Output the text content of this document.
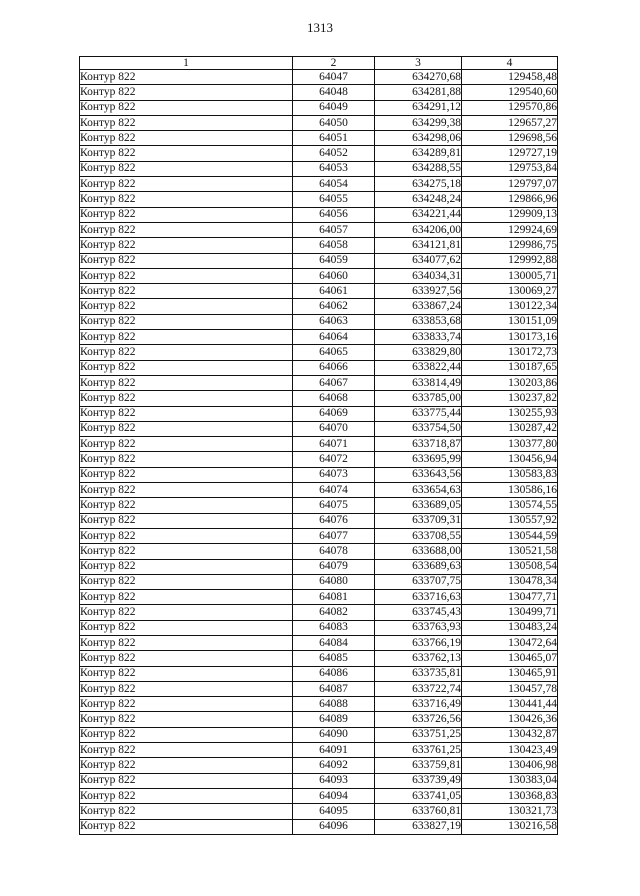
1313
1	2	3	4
Контур 822	64047	634270,68	129458,48
Контур 822	64048	634281,88	129540,60
Контур 822	64049	634291,12	129570,86
Контур 822	64050	634299,38	129657,27
Контур 822	64051	634298,06	129698,56
Контур 822	64052	634289,81	129727,19
Контур 822	64053	634288,55	129753,84
Контур 822	64054	634275,18	129797,07
Контур 822	64055	634248,24	129866,96
Контур 822	64056	634221,44	129909,13
Контур 822	64057	634206,00	129924,69
Контур 822	64058	634121,81	129986,75
Контур 822	64059	634077,62	129992,88
Контур 822	64060	634034,31	130005,71
Контур 822	64061	633927,56	130069,27
Контур 822	64062	633867,24	130122,34
Контур 822	64063	633853,68	130151,09
Контур 822	64064	633833,74	130173,16
Контур 822	64065	633829,80	130172,73
Контур 822	64066	633822,44	130187,65
Контур 822	64067	633814,49	130203,86
Контур 822	64068	633785,00	130237,82
Контур 822	64069	633775,44	130255,93
Контур 822	64070	633754,50	130287,42
Контур 822	64071	633718,87	130377,80
Контур 822	64072	633695,99	130456,94
Контур 822	64073	633643,56	130583,83
Контур 822	64074	633654,63	130586,16
Контур 822	64075	633689,05	130574,55
Контур 822	64076	633709,31	130557,92
Контур 822	64077	633708,55	130544,59
Контур 822	64078	633688,00	130521,58
Контур 822	64079	633689,63	130508,54
Контур 822	64080	633707,75	130478,34
Контур 822	64081	633716,63	130477,71
Контур 822	64082	633745,43	130499,71
Контур 822	64083	633763,93	130483,24
Контур 822	64084	633766,19	130472,64
Контур 822	64085	633762,13	130465,07
Контур 822	64086	633735,81	130465,91
Контур 822	64087	633722,74	130457,78
Контур 822	64088	633716,49	130441,44
Контур 822	64089	633726,56	130426,36
Контур 822	64090	633751,25	130432,87
Контур 822	64091	633761,25	130423,49
Контур 822	64092	633759,81	130406,98
Контур 822	64093	633739,49	130383,04
Контур 822	64094	633741,05	130368,83
Контур 822	64095	633760,81	130321,73
Контур 822	64096	633827,19	130216,58
